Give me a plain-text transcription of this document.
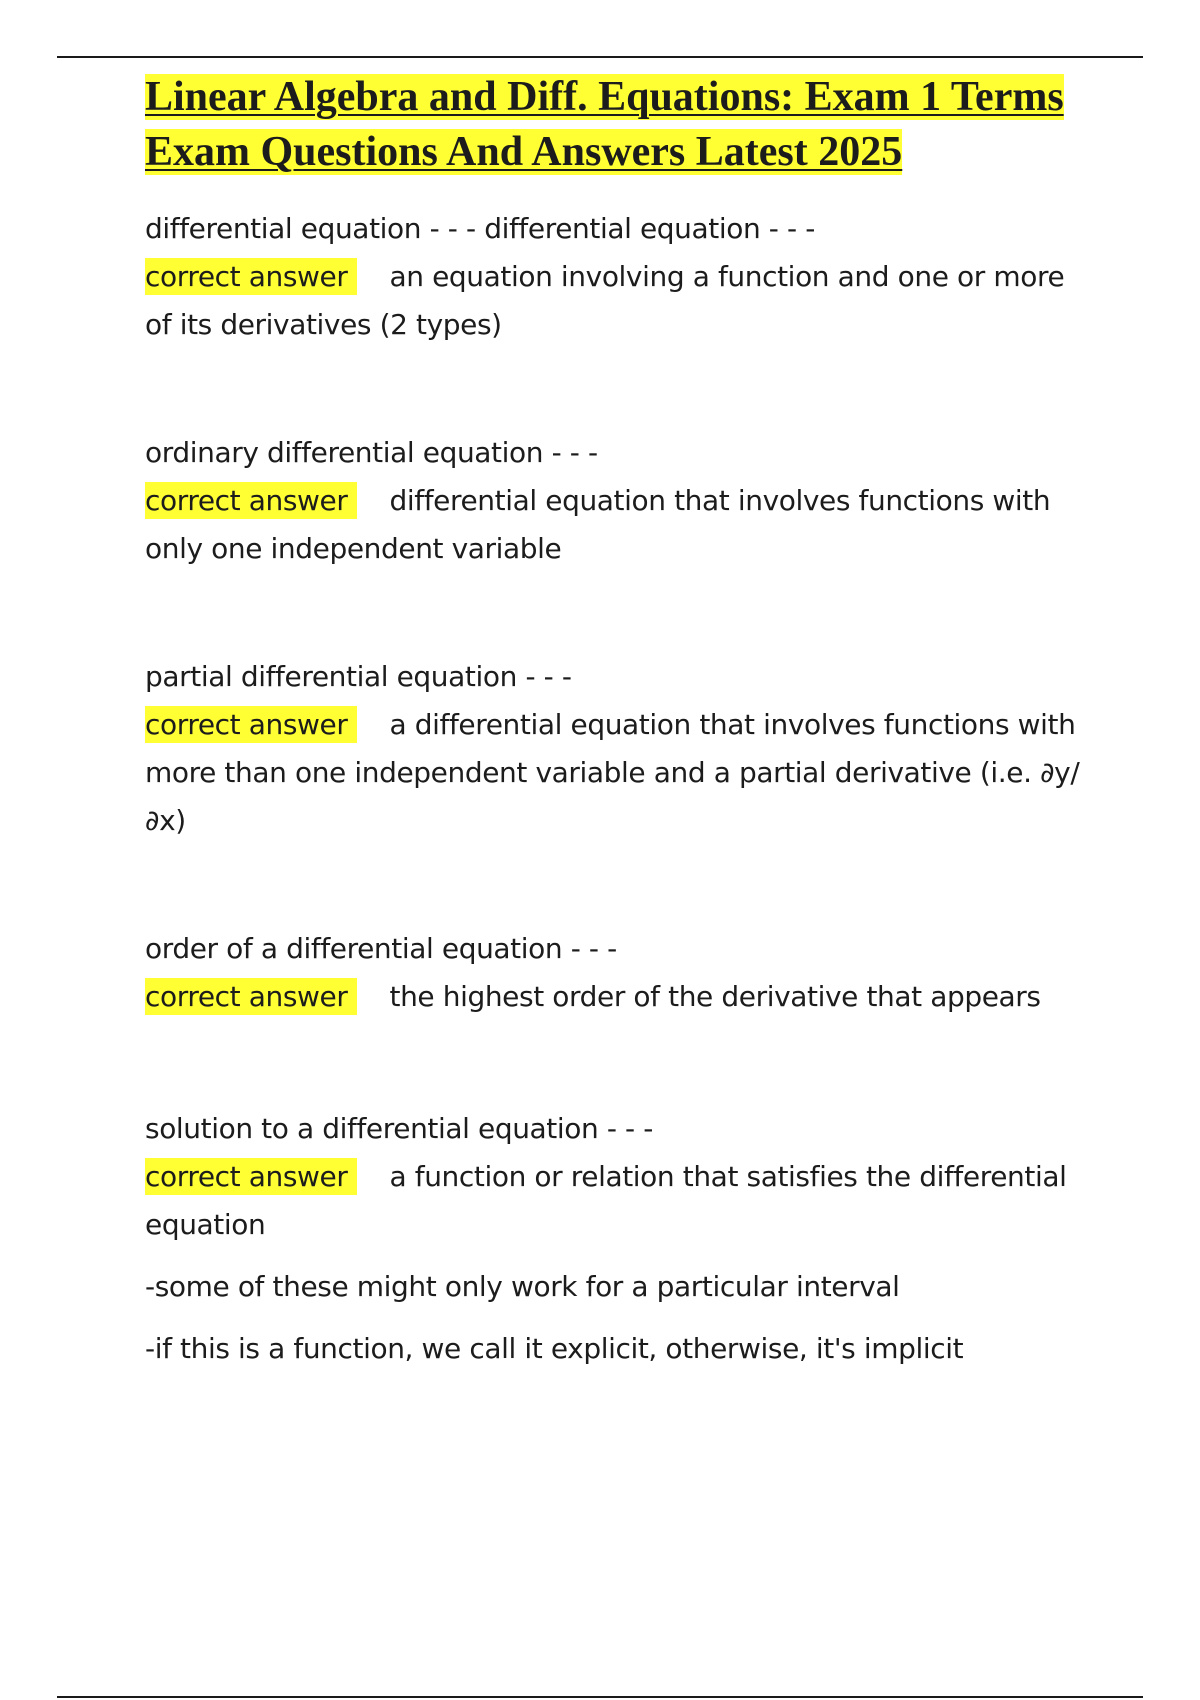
Linear Algebra and Diff. Equations: Exam 1 Terms Exam Questions And Answers Latest 2025
differential equation - - - differential equation - - -
correct answer an equation involving a function and one or more of its derivatives (2 types)
ordinary differential equation - - -
correct answer differential equation that involves functions with only one independent variable
partial differential equation - - -
correct answer a differential equation that involves functions with more than one independent variable and a partial derivative (i.e. ∂y/∂x)
order of a differential equation - - -
correct answer the highest order of the derivative that appears
solution to a differential equation - - -
correct answer a function or relation that satisfies the differential equation
-some of these might only work for a particular interval
-if this is a function, we call it explicit, otherwise, it's implicit
